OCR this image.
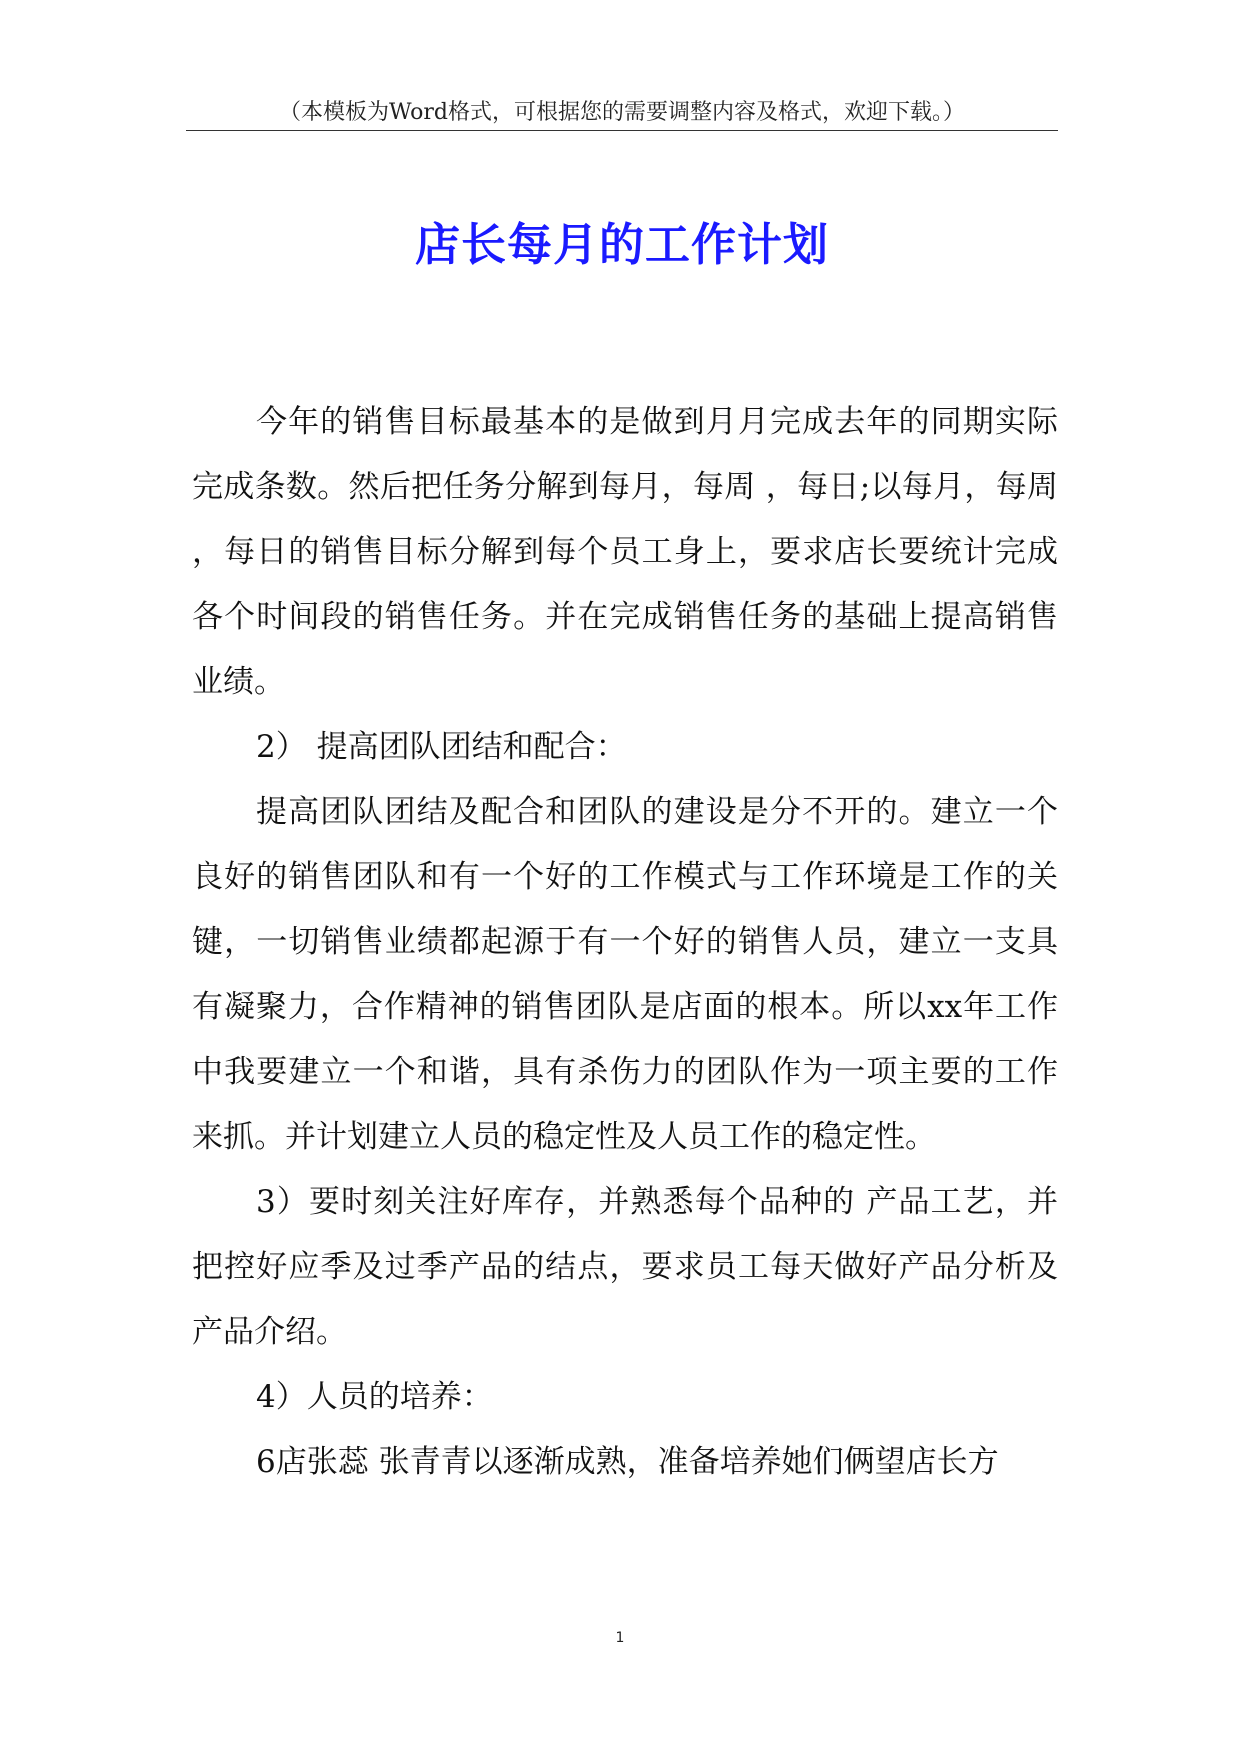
（本模板为Word格式，可根据您的需要调整内容及格式，欢迎下载。）
店长每月的工作计划

今年的销售目标最基本的是做到月月完成去年的同期实际完成条数。然后把任务分解到每月，每周 ，每日;以每月，每周 ，每日的销售目标分解到每个员工身上，要求店长要统计完成各个时间段的销售任务。并在完成销售任务的基础上提高销售业绩。

2） 提高团队团结和配合：

提高团队团结及配合和团队的建设是分不开的。建立一个良好的销售团队和有一个好的工作模式与工作环境是工作的关键，一切销售业绩都起源于有一个好的销售人员，建立一支具有凝聚力，合作精神的销售团队是店面的根本。所以xx年工作中我要建立一个和谐，具有杀伤力的团队作为一项主要的工作来抓。并计划建立人员的稳定性及人员工作的稳定性。

3）要时刻关注好库存，并熟悉每个品种的 产品工艺，并把控好应季及过季产品的结点，要求员工每天做好产品分析及产品介绍。

4）人员的培养：

6店张蕊 张青青以逐渐成熟，准备培养她们俩望店长方

1
